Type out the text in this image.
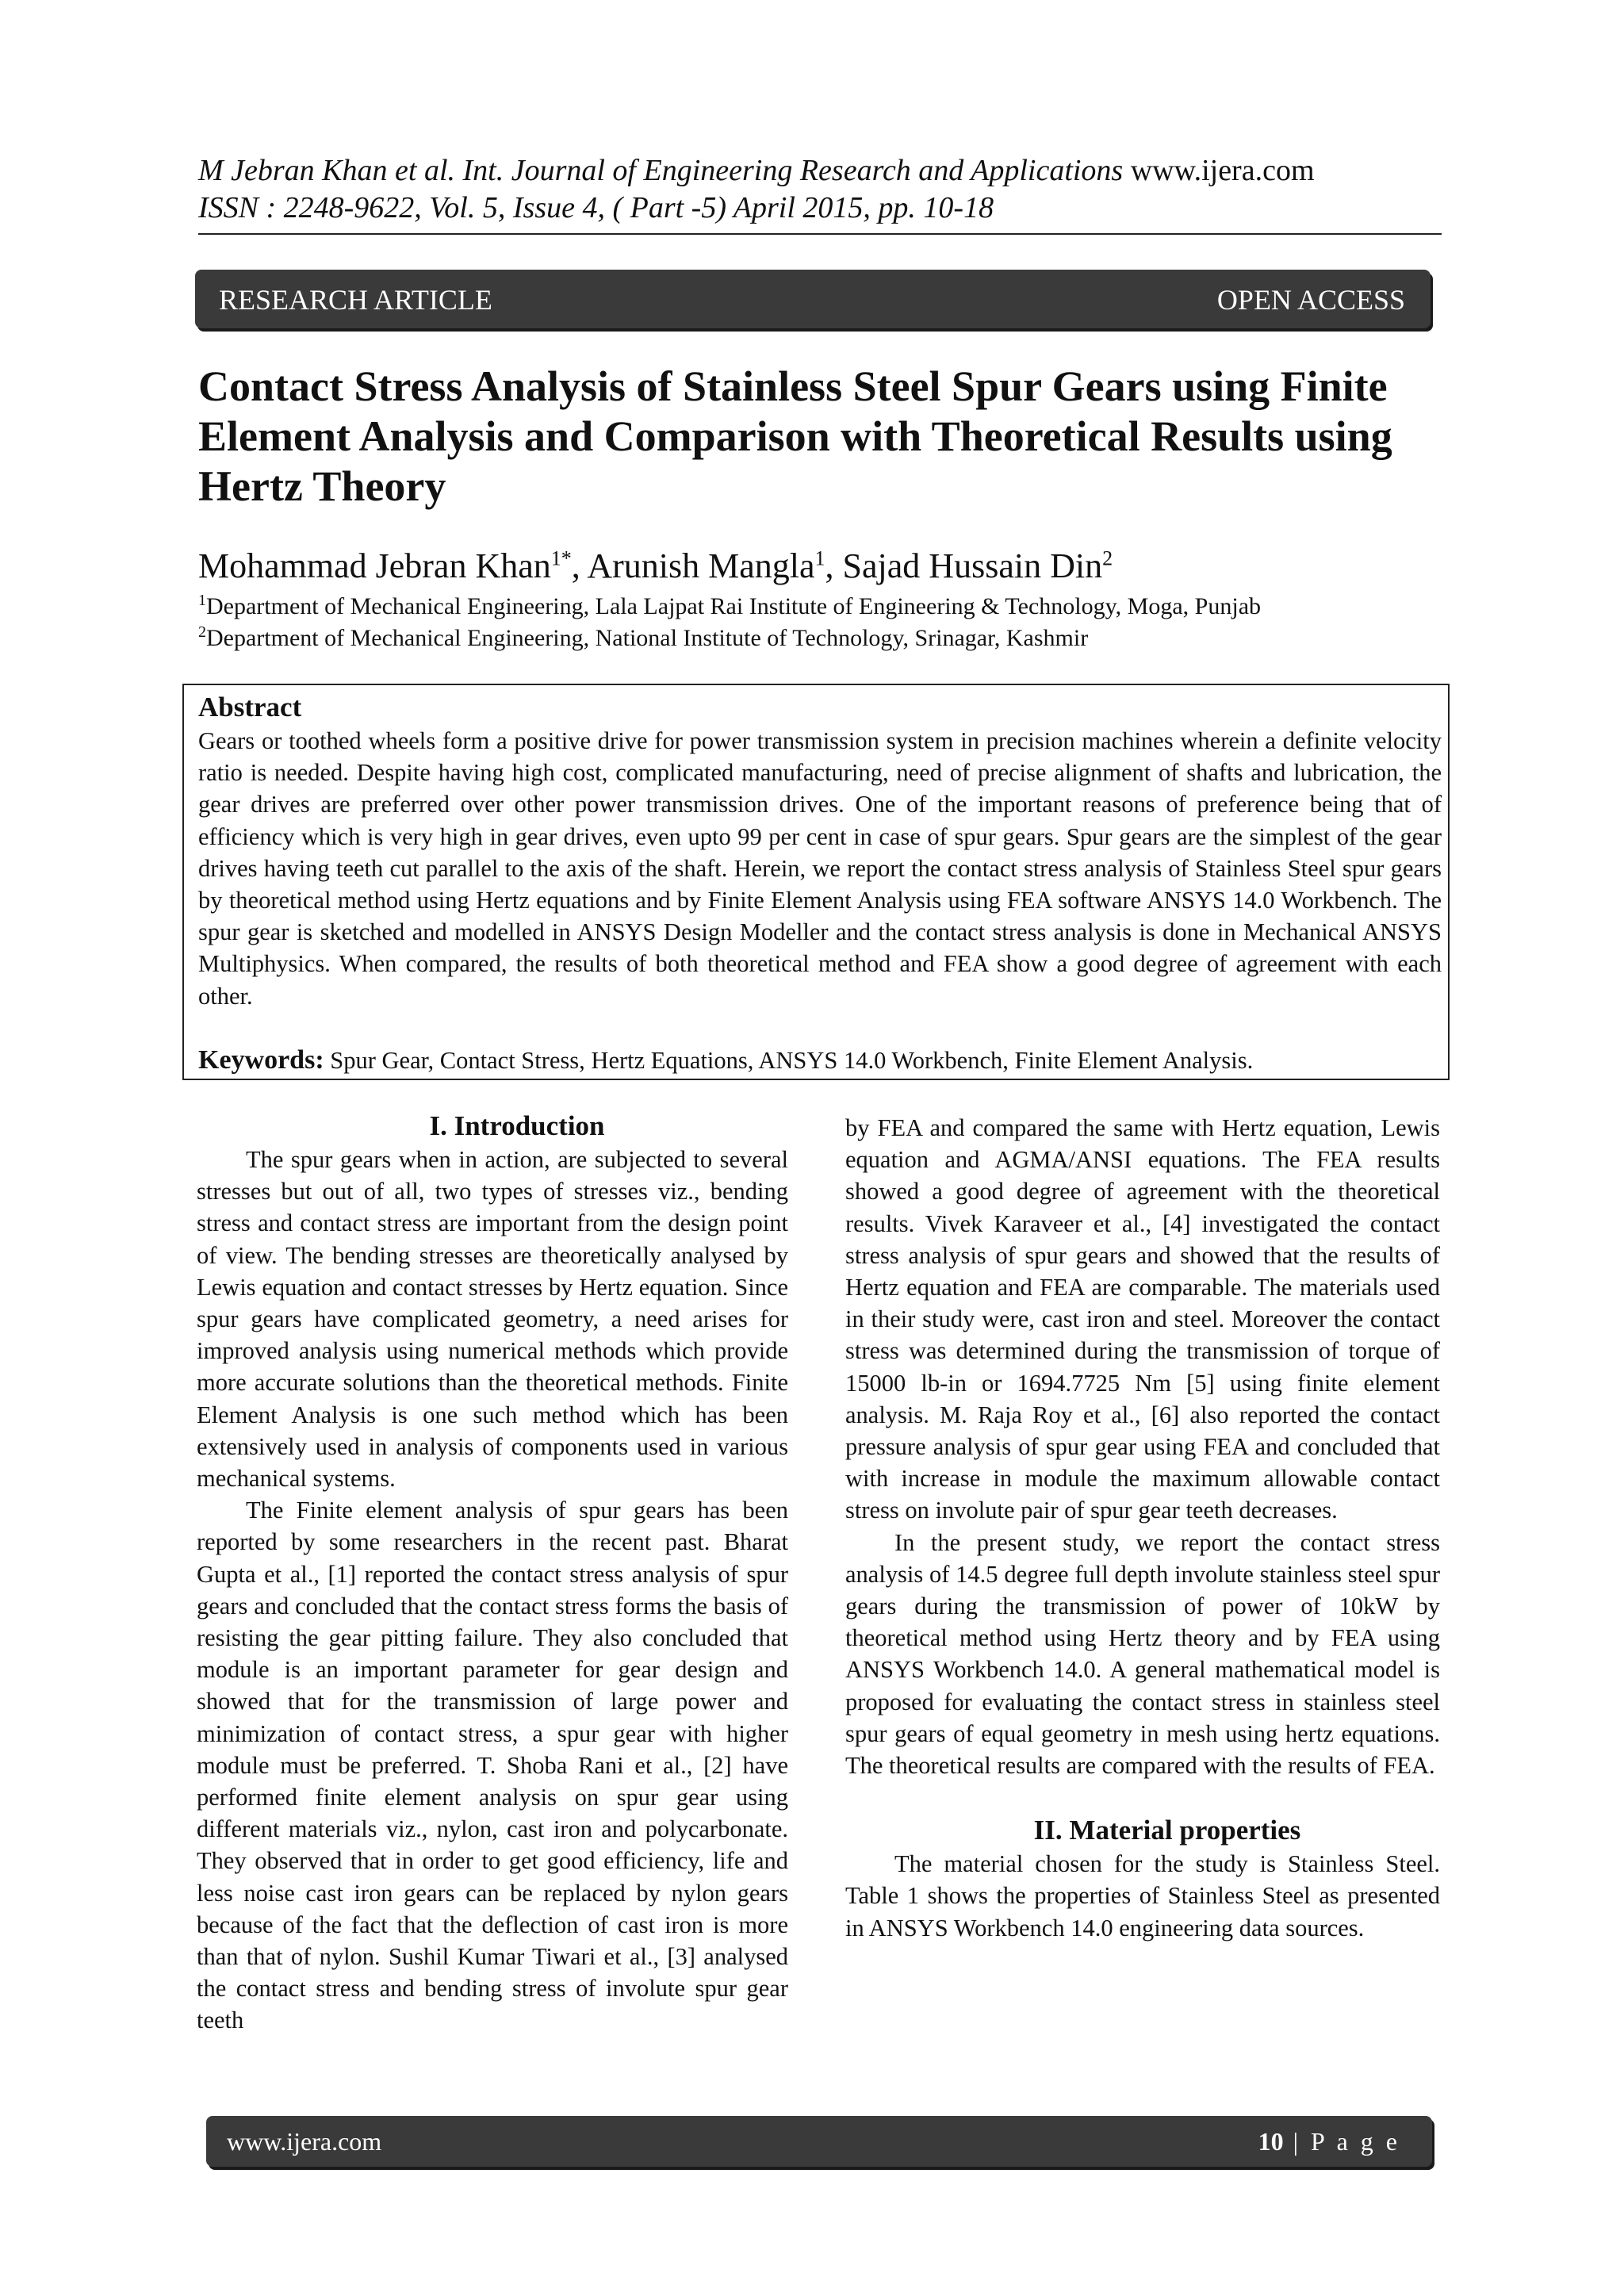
M Jebran Khan et al. Int. Journal of Engineering Research and Applications www.ijera.com
ISSN : 2248-9622, Vol. 5, Issue 4, ( Part -5) April 2015, pp. 10-18
RESEARCH ARTICLE	OPEN ACCESS
Contact Stress Analysis of Stainless Steel Spur Gears using Finite Element Analysis and Comparison with Theoretical Results using Hertz Theory
Mohammad Jebran Khan$^{1*}$, Arunish Mangla$^1$, Sajad Hussain Din$^2$
$^1$Department of Mechanical Engineering, Lala Lajpat Rai Institute of Engineering & Technology, Moga, Punjab
$^2$Department of Mechanical Engineering, National Institute of Technology, Srinagar, Kashmir
Abstract

Gears or toothed wheels form a positive drive for power transmission system in precision machines wherein a definite velocity ratio is needed. Despite having high cost, complicated manufacturing, need of precise alignment of shafts and lubrication, the gear drives are preferred over other power transmission drives. One of the important reasons of preference being that of efficiency which is very high in gear drives, even upto 99 per cent in case of spur gears. Spur gears are the simplest of the gear drives having teeth cut parallel to the axis of the shaft. Herein, we report the contact stress analysis of Stainless Steel spur gears by theoretical method using Hertz equations and by Finite Element Analysis using FEA software ANSYS 14.0 Workbench. The spur gear is sketched and modelled in ANSYS Design Modeller and the contact stress analysis is done in Mechanical ANSYS Multiphysics. When compared, the results of both theoretical method and FEA show a good degree of agreement with each other.

Keywords: Spur Gear, Contact Stress, Hertz Equations, ANSYS 14.0 Workbench, Finite Element Analysis.

I. Introduction

The spur gears when in action, are subjected to several stresses but out of all, two types of stresses viz., bending stress and contact stress are important from the design point of view. The bending stresses are theoretically analysed by Lewis equation and contact stresses by Hertz equation. Since spur gears have complicated geometry, a need arises for improved analysis using numerical methods which provide more accurate solutions than the theoretical methods. Finite Element Analysis is one such method which has been extensively used in analysis of components used in various mechanical systems.

The Finite element analysis of spur gears has been reported by some researchers in the recent past. Bharat Gupta et al., [1] reported the contact stress analysis of spur gears and concluded that the contact stress forms the basis of resisting the gear pitting failure. They also concluded that module is an important parameter for gear design and showed that for the transmission of large power and minimization of contact stress, a spur gear with higher module must be preferred. T. Shoba Rani et al., [2] have performed finite element analysis on spur gear using different materials viz., nylon, cast iron and polycarbonate. They observed that in order to get good efficiency, life and less noise cast iron gears can be replaced by nylon gears because of the fact that the deflection of cast iron is more than that of nylon. Sushil Kumar Tiwari et al., [3] analysed the contact stress and bending stress of involute spur gear teeth

by FEA and compared the same with Hertz equation, Lewis equation and AGMA/ANSI equations. The FEA results showed a good degree of agreement with the theoretical results. Vivek Karaveer et al., [4] investigated the contact stress analysis of spur gears and showed that the results of Hertz equation and FEA are comparable. The materials used in their study were, cast iron and steel. Moreover the contact stress was determined during the transmission of torque of 15000 lb-in or 1694.7725 Nm [5] using finite element analysis. M. Raja Roy et al., [6] also reported the contact pressure analysis of spur gear using FEA and concluded that with increase in module the maximum allowable contact stress on involute pair of spur gear teeth decreases.

In the present study, we report the contact stress analysis of 14.5 degree full depth involute stainless steel spur gears during the transmission of power of 10kW by theoretical method using Hertz theory and by FEA using ANSYS Workbench 14.0. A general mathematical model is proposed for evaluating the contact stress in stainless steel spur gears of equal geometry in mesh using hertz equations. The theoretical results are compared with the results of FEA.

II. Material properties

The material chosen for the study is Stainless Steel. Table 1 shows the properties of Stainless Steel as presented in ANSYS Workbench 14.0 engineering data sources.

www.ijera.com	10 | P a g e
